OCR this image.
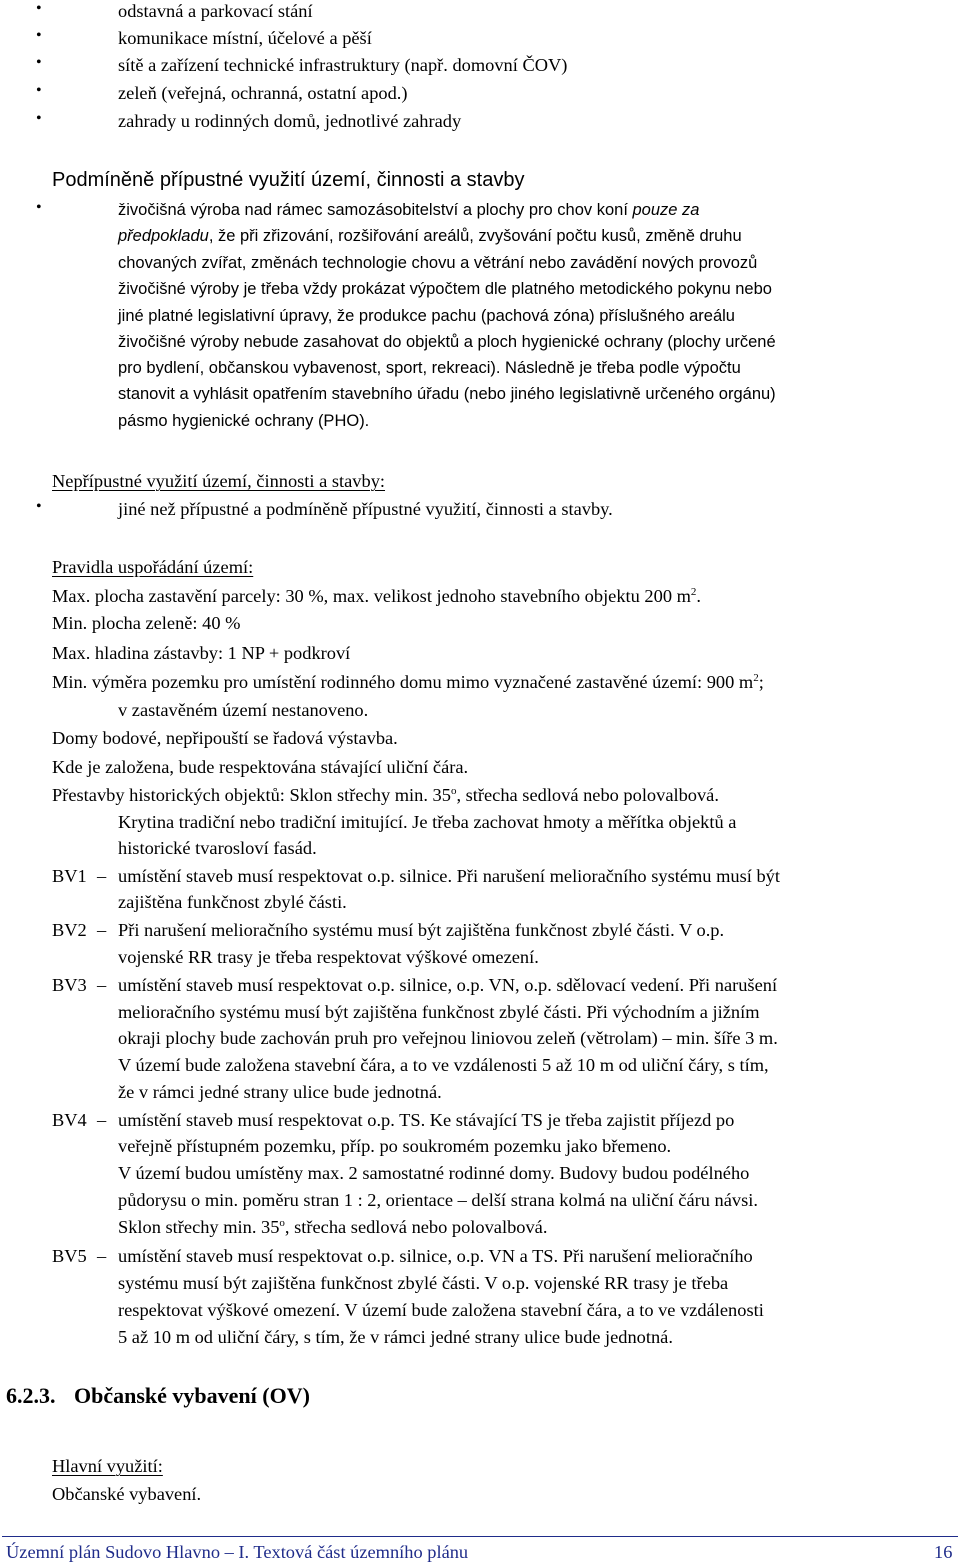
•	odstavná a parkovací stání
•	komunikace místní, účelové a pěší
•	sítě a zařízení technické infrastruktury (např. domovní ČOV)
•	zeleň (veřejná, ochranná, ostatní apod.)
•	zahrady u rodinných domů, jednotlivé zahrady
Podmíněně přípustné využití území, činnosti a stavby
•	živočišná výroba nad rámec samozásobitelství a plochy pro chov koní pouze za
předpokladu, že při zřizování, rozšiřování areálů, zvyšování počtu kusů, změně druhu
chovaných zvířat, změnách technologie chovu a větrání nebo zavádění nových provozů
živočišné výroby je třeba vždy prokázat výpočtem dle platného metodického pokynu nebo
jiné platné legislativní úpravy, že produkce pachu (pachová zóna) příslušného areálu
živočišné výroby nebude zasahovat do objektů a ploch hygienické ochrany (plochy určené
pro bydlení, občanskou vybavenost, sport, rekreaci). Následně je třeba podle výpočtu
stanovit a vyhlásit opatřením stavebního úřadu (nebo jiného legislativně určeného orgánu)
pásmo hygienické ochrany (PHO).
Nepřípustné využití území, činnosti a stavby:
•	jiné než přípustné a podmíněně přípustné využití, činnosti a stavby.
Pravidla uspořádání území:
Max. plocha zastavění parcely: 30 %, max. velikost jednoho stavebního objektu 200 $m^2$.
Min. plocha zeleně: 40 %
Max. hladina zástavby: 1 NP + podkroví
Min. výměra pozemku pro umístění rodinného domu mimo vyznačené zastavěné území: 900 $m^2$;
v zastavěném území nestanoveno.
Domy bodové, nepřipouští se řadová výstavba.
Kde je založena, bude respektována stávající uliční čára.
Přestavby historických objektů: Sklon střechy min. 35$^o$, střecha sedlová nebo polovalbová.
Krytina tradiční nebo tradiční imitující. Je třeba zachovat hmoty a měřítka objektů a
historické tvarosloví fasád.
BV1 – umístění staveb musí respektovat o.p. silnice. Při narušení melioračního systému musí být
zajištěna funkčnost zbylé části.
BV2 – Při narušení melioračního systému musí být zajištěna funkčnost zbylé části. V o.p.
vojenské RR trasy je třeba respektovat výškové omezení.
BV3 – umístění staveb musí respektovat o.p. silnice, o.p. VN, o.p. sdělovací vedení. Při narušení
melioračního systému musí být zajištěna funkčnost zbylé části. Při východním a jižním
okraji plochy bude zachován pruh pro veřejnou liniovou zeleň (větrolam) – min. šíře 3 m.
V území bude založena stavební čára, a to ve vzdálenosti 5 až 10 m od uliční čáry, s tím,
že v rámci jedné strany ulice bude jednotná.
BV4 – umístění staveb musí respektovat o.p. TS. Ke stávající TS je třeba zajistit příjezd po
veřejně přístupném pozemku, příp. po soukromém pozemku jako břemeno.
V území budou umístěny max. 2 samostatné rodinné domy. Budovy budou podélného
půdorysu o min. poměru stran 1 : 2, orientace – delší strana kolmá na uliční čáru návsi.
Sklon střechy min. 35$^o$, střecha sedlová nebo polovalbová.
BV5 – umístění staveb musí respektovat o.p. silnice, o.p. VN a TS. Při narušení melioračního
systému musí být zajištěna funkčnost zbylé části. V o.p. vojenské RR trasy je třeba
respektovat výškové omezení. V území bude založena stavební čára, a to ve vzdálenosti
5 až 10 m od uliční čáry, s tím, že v rámci jedné strany ulice bude jednotná.
6.2.3. Občanské vybavení (OV)
Hlavní využití:
Občanské vybavení.
Územní plán Sudovo Hlavno – I. Textová část územního plánu	16
